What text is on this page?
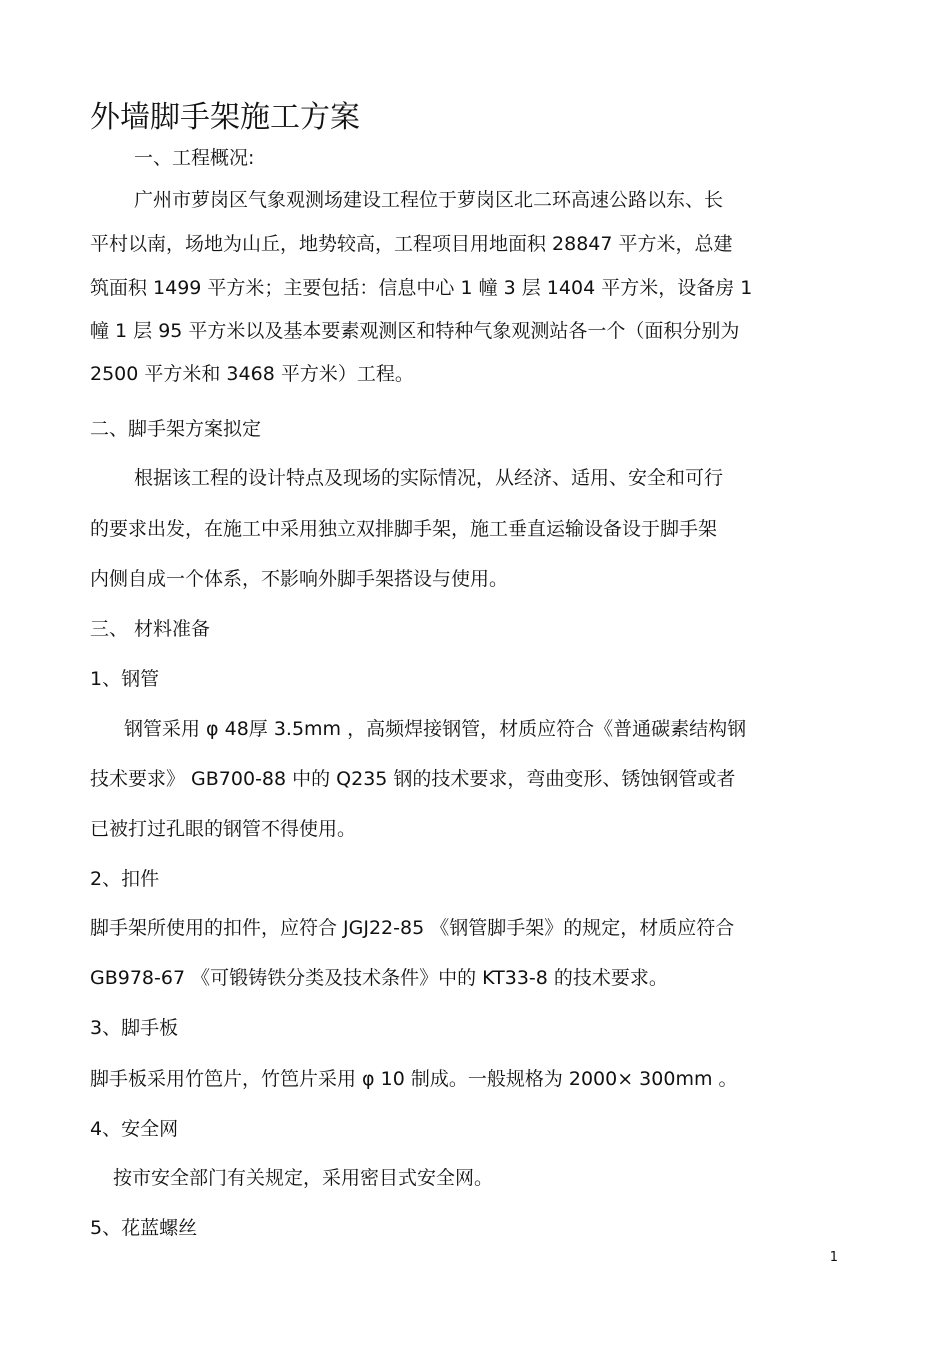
外墙脚手架施工方案
一、工程概况:
广州市萝岗区气象观测场建设工程位于萝岗区北二环高速公路以东、长
平村以南，场地为山丘，地势较高，工程项目用地面积 28847 平方米，总建
筑面积 1499 平方米；主要包括：信息中心 1 幢 3 层 1404 平方米，设备房 1
幢 1 层 95 平方米以及基本要素观测区和特种气象观测站各一个（面积分别为
2500 平方米和 3468 平方米）工程。
二、脚手架方案拟定
根据该工程的设计特点及现场的实际情况，从经济、适用、安全和可行
的要求出发，在施工中采用独立双排脚手架，施工垂直运输设备设于脚手架
内侧自成一个体系，不影响外脚手架搭设与使用。
三、 材料准备
1、钢管
钢管采用 φ 48厚 3.5mm ，高频焊接钢管，材质应符合《普通碳素结构钢
技术要求》 GB700-88 中的 Q235 钢的技术要求，弯曲变形、锈蚀钢管或者
已被打过孔眼的钢管不得使用。
2、扣件
脚手架所使用的扣件，应符合 JGJ22-85 《钢管脚手架》的规定，材质应符合
GB978-67 《可锻铸铁分类及技术条件》中的 KT33-8 的技术要求。
3、脚手板
脚手板采用竹笆片，竹笆片采用 φ 10 制成。一般规格为 2000× 300mm 。
4、安全网
按市安全部门有关规定，采用密目式安全网。
5、花蓝螺丝
1
